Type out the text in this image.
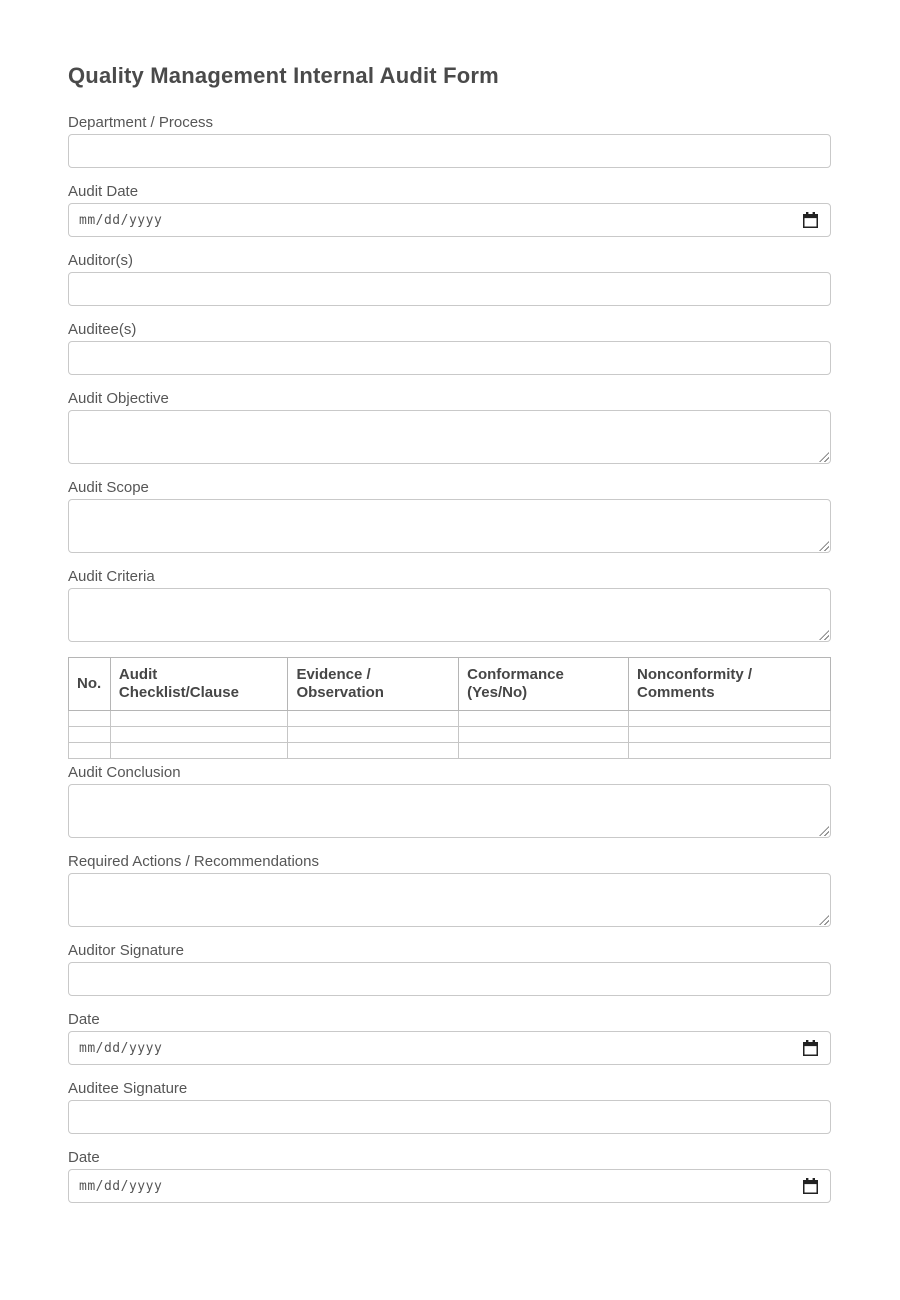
Quality Management Internal Audit Form
Department / Process
Audit Date
mm/dd/yyyy
Auditor(s)
Auditee(s)
Audit Objective
Audit Scope
Audit Criteria
No.	Audit Checklist/Clause	Evidence / Observation	Conformance (Yes/No)	Nonconformity / Comments

Audit Conclusion
Required Actions / Recommendations
Auditor Signature
Date
mm/dd/yyyy
Auditee Signature
Date
mm/dd/yyyy
